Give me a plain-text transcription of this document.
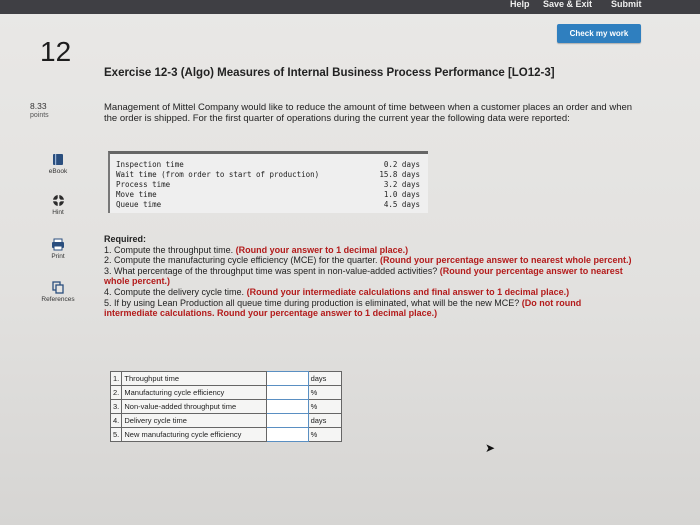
Help Save & Exit Submit
Check my work
12
Exercise 12-3 (Algo) Measures of Internal Business Process Performance [LO12-3]
8.33
points
Management of Mittel Company would like to reduce the amount of time between when a customer places an order and when the order is shipped. For the first quarter of operations during the current year the following data were reported:
eBook
Hint
Print
References
Inspection time	0.2 days
Wait time (from order to start of production)	15.8 days
Process time	3.2 days
Move time	1.0 days
Queue time	4.5 days
Required:
1. Compute the throughput time. (Round your answer to 1 decimal place.)
2. Compute the manufacturing cycle efficiency (MCE) for the quarter. (Round your percentage answer to nearest whole percent.)
3. What percentage of the throughput time was spent in non-value-added activities? (Round your percentage answer to nearest whole percent.)
4. Compute the delivery cycle time. (Round your intermediate calculations and final answer to 1 decimal place.)
5. If by using Lean Production all queue time during production is eliminated, what will be the new MCE? (Do not round intermediate calculations. Round your percentage answer to 1 decimal place.)
1.	Throughput time		days
2.	Manufacturing cycle efficiency		%
3.	Non-value-added throughput time		%
4.	Delivery cycle time		days
5.	New manufacturing cycle efficiency		%
➤
